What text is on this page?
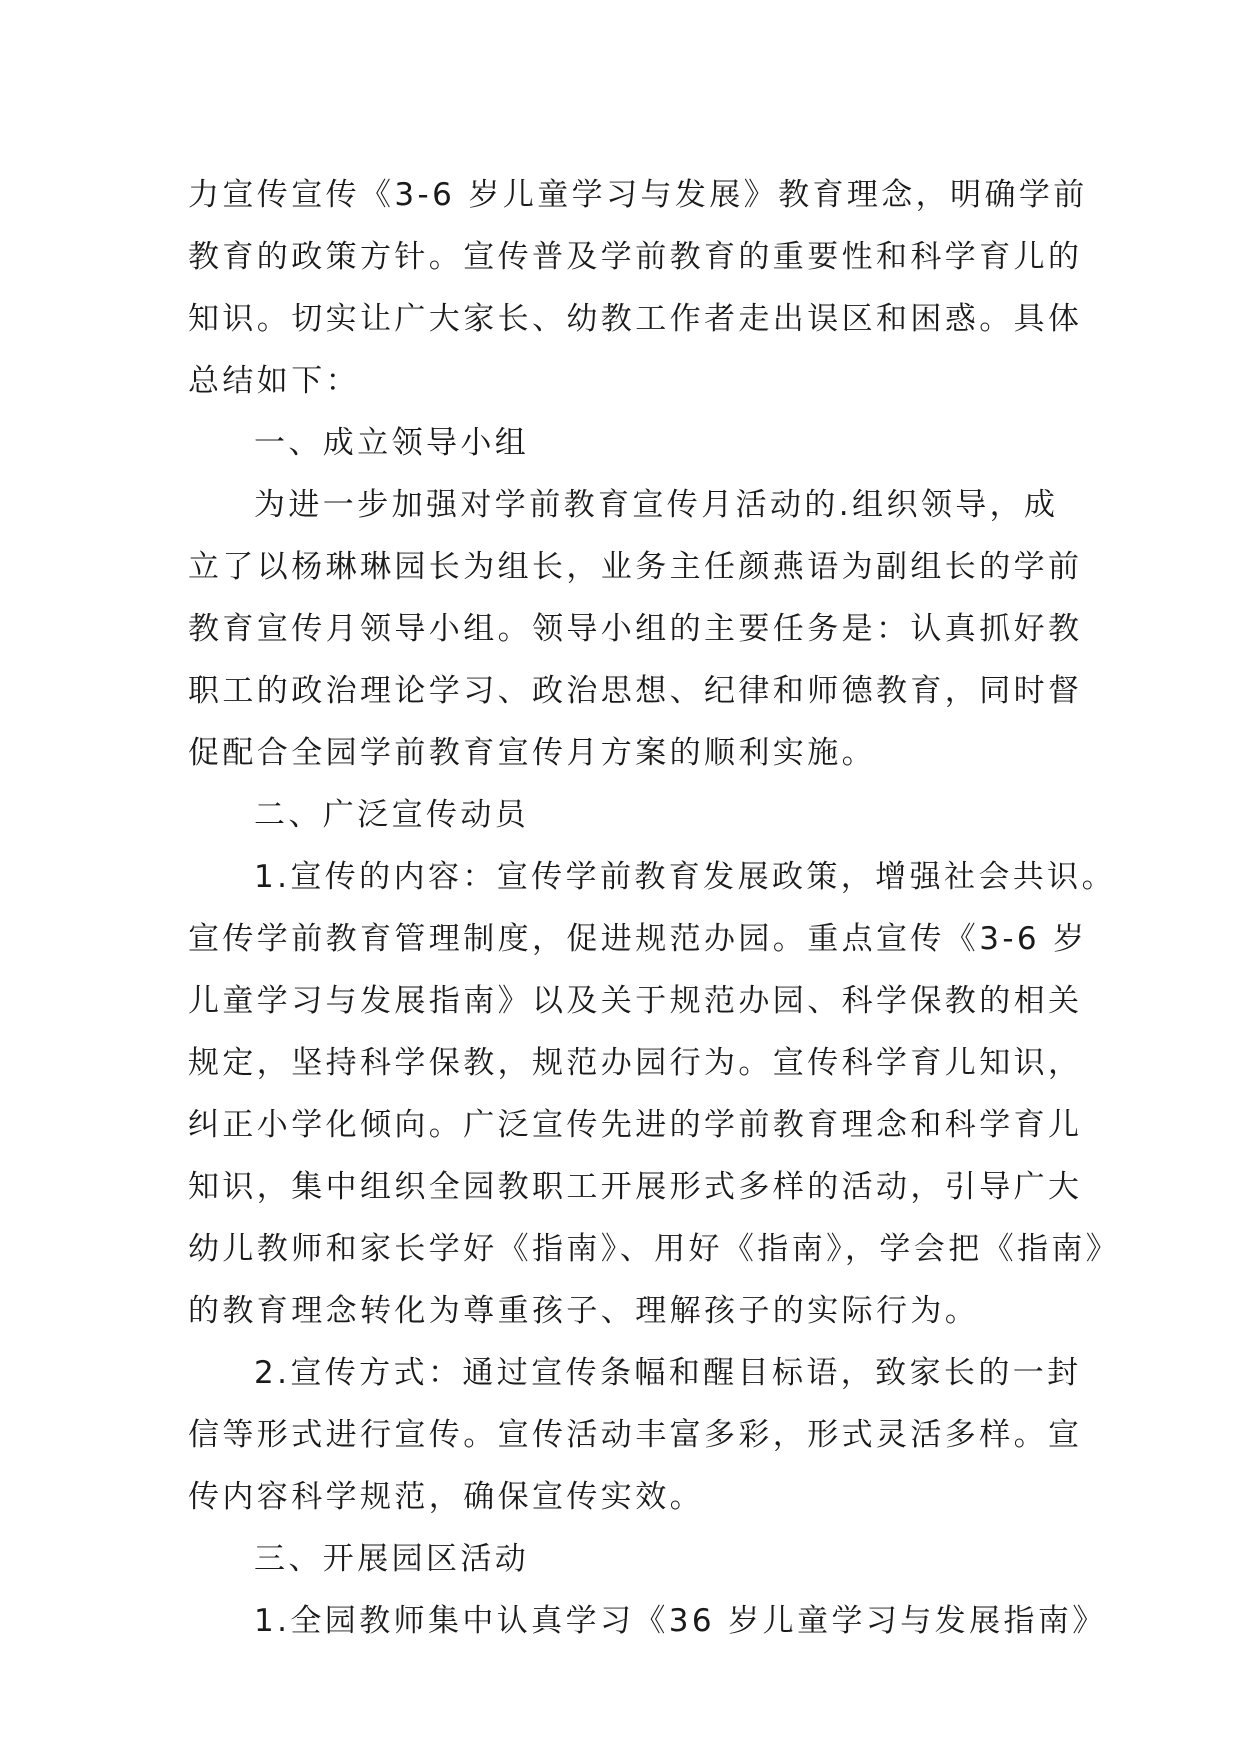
力宣传宣传《3-6 岁儿童学习与发展》教育理念，明确学前
教育的政策方针。宣传普及学前教育的重要性和科学育儿的
知识。切实让广大家长、幼教工作者走出误区和困惑。具体
总结如下：
一、成立领导小组
为进一步加强对学前教育宣传月活动的.组织领导，成
立了以杨琳琳园长为组长，业务主任颜燕语为副组长的学前
教育宣传月领导小组。领导小组的主要任务是：认真抓好教
职工的政治理论学习、政治思想、纪律和师德教育，同时督
促配合全园学前教育宣传月方案的顺利实施。
二、广泛宣传动员
1.宣传的内容：宣传学前教育发展政策，增强社会共识。
宣传学前教育管理制度，促进规范办园。重点宣传《3-6 岁
儿童学习与发展指南》以及关于规范办园、科学保教的相关
规定，坚持科学保教，规范办园行为。宣传科学育儿知识，
纠正小学化倾向。广泛宣传先进的学前教育理念和科学育儿
知识，集中组织全园教职工开展形式多样的活动，引导广大
幼儿教师和家长学好《指南》、用好《指南》，学会把《指南》
的教育理念转化为尊重孩子、理解孩子的实际行为。
2.宣传方式：通过宣传条幅和醒目标语，致家长的一封
信等形式进行宣传。宣传活动丰富多彩，形式灵活多样。宣
传内容科学规范，确保宣传实效。
三、开展园区活动
1.全园教师集中认真学习《36 岁儿童学习与发展指南》
